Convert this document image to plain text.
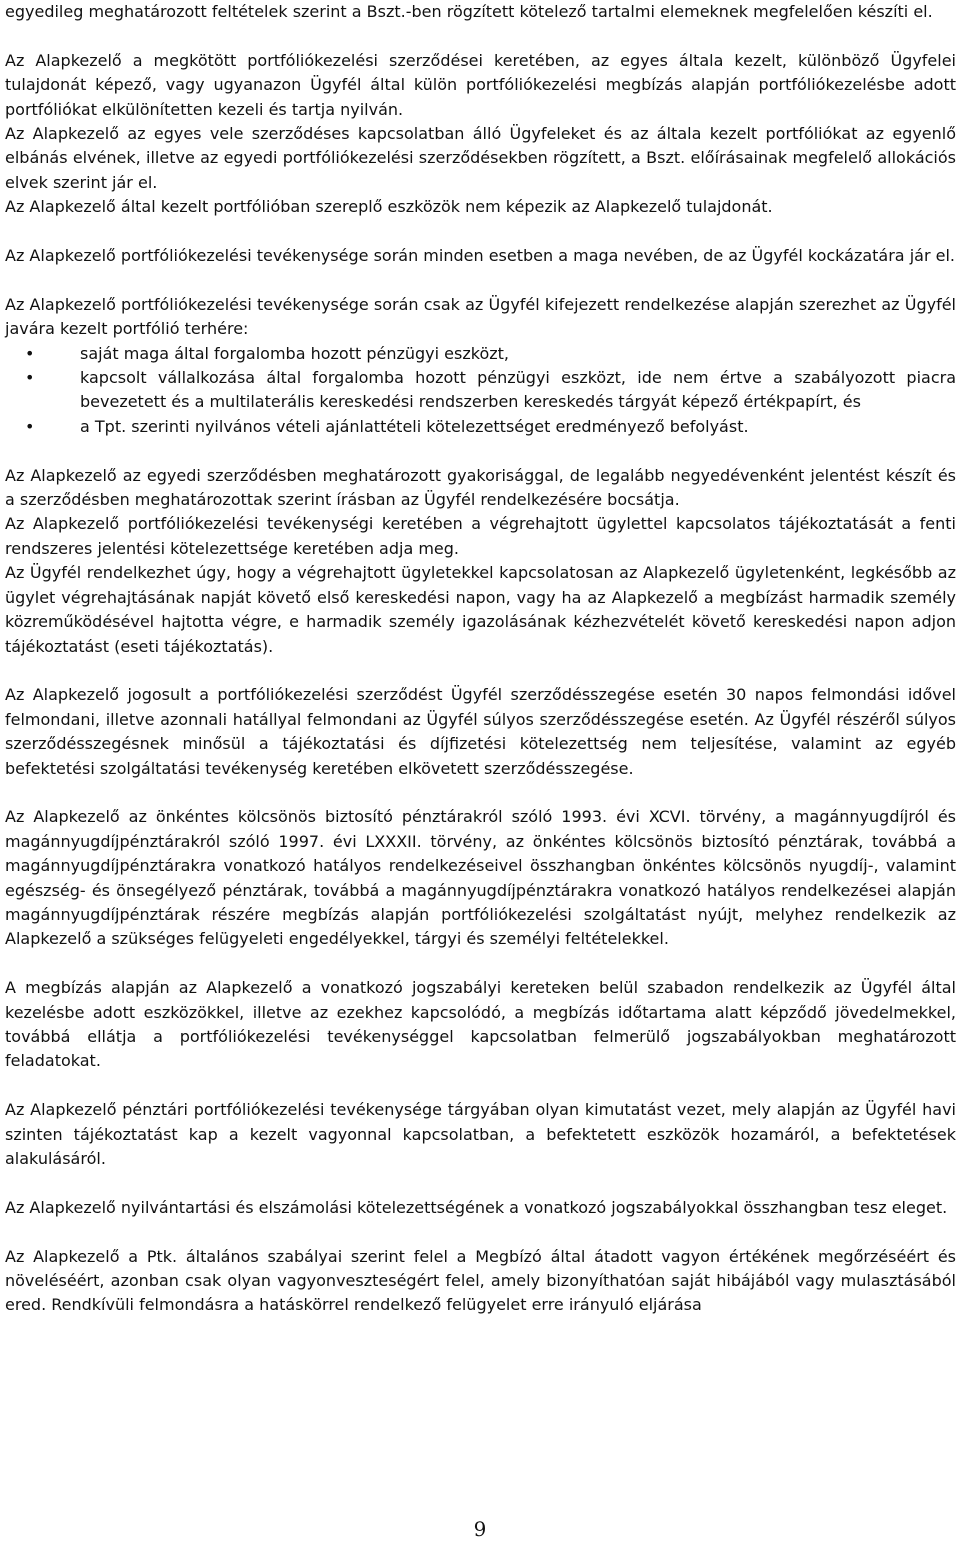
egyedileg meghatározott feltételek szerint a Bszt.-ben rögzített kötelező tartalmi elemeknek megfelelően készíti el.

Az Alapkezelő a megkötött portfóliókezelési szerződései keretében, az egyes általa kezelt, különböző Ügyfelei tulajdonát képező, vagy ugyanazon Ügyfél által külön portfóliókezelési megbízás alapján portfóliókezelésbe adott portfóliókat elkülönítetten kezeli és tartja nyilván.

Az Alapkezelő az egyes vele szerződéses kapcsolatban álló Ügyfeleket és az általa kezelt portfóliókat az egyenlő elbánás elvének, illetve az egyedi portfóliókezelési szerződésekben rögzített, a Bszt. előírásainak megfelelő allokációs elvek szerint jár el.

Az Alapkezelő által kezelt portfólióban szereplő eszközök nem képezik az Alapkezelő tulajdonát.

Az Alapkezelő portfóliókezelési tevékenysége során minden esetben a maga nevében, de az Ügyfél kockázatára jár el.

Az Alapkezelő portfóliókezelési tevékenysége során csak az Ügyfél kifejezett rendelkezése alapján szerezhet az Ügyfél javára kezelt portfólió terhére:

•	saját maga által forgalomba hozott pénzügyi eszközt,
•	kapcsolt vállalkozása által forgalomba hozott pénzügyi eszközt, ide nem értve a szabályozott piacra bevezetett és a multilaterális kereskedési rendszerben kereskedés tárgyát képező értékpapírt, és
•	a Tpt. szerinti nyilvános vételi ajánlattételi kötelezettséget eredményező befolyást.

Az Alapkezelő az egyedi szerződésben meghatározott gyakorisággal, de legalább negyedévenként jelentést készít és a szerződésben meghatározottak szerint írásban az Ügyfél rendelkezésére bocsátja.

Az Alapkezelő portfóliókezelési tevékenységi keretében a végrehajtott ügylettel kapcsolatos tájékoztatását a fenti rendszeres jelentési kötelezettsége keretében adja meg.

Az Ügyfél rendelkezhet úgy, hogy a végrehajtott ügyletekkel kapcsolatosan az Alapkezelő ügyletenként, legkésőbb az ügylet végrehajtásának napját követő első kereskedési napon, vagy ha az Alapkezelő a megbízást harmadik személy közreműködésével hajtotta végre, e harmadik személy igazolásának kézhezvételét követő kereskedési napon adjon tájékoztatást (eseti tájékoztatás).

Az Alapkezelő jogosult a portfóliókezelési szerződést Ügyfél szerződésszegése esetén 30 napos felmondási idővel felmondani, illetve azonnali hatállyal felmondani az Ügyfél súlyos szerződésszegése esetén. Az Ügyfél részéről súlyos szerződésszegésnek minősül a tájékoztatási és díjfizetési kötelezettség nem teljesítése, valamint az egyéb befektetési szolgáltatási tevékenység keretében elkövetett szerződésszegése.

Az Alapkezelő az önkéntes kölcsönös biztosító pénztárakról szóló 1993. évi XCVI. törvény, a magánnyugdíjról és magánnyugdíjpénztárakról szóló 1997. évi LXXXII. törvény, az önkéntes kölcsönös biztosító pénztárak, továbbá a magánnyugdíjpénztárakra vonatkozó hatályos rendelkezéseivel összhangban önkéntes kölcsönös nyugdíj-, valamint egészség- és önsegélyező pénztárak, továbbá a magánnyugdíjpénztárakra vonatkozó hatályos rendelkezései alapján magánnyugdíjpénztárak részére megbízás alapján portfóliókezelési szolgáltatást nyújt, melyhez rendelkezik az Alapkezelő a szükséges felügyeleti engedélyekkel, tárgyi és személyi feltételekkel.

A megbízás alapján az Alapkezelő a vonatkozó jogszabályi kereteken belül szabadon rendelkezik az Ügyfél által kezelésbe adott eszközökkel, illetve az ezekhez kapcsolódó, a megbízás időtartama alatt képződő jövedelmekkel, továbbá ellátja a portfóliókezelési tevékenységgel kapcsolatban felmerülő jogszabályokban meghatározott feladatokat.

Az Alapkezelő pénztári portfóliókezelési tevékenysége tárgyában olyan kimutatást vezet, mely alapján az Ügyfél havi szinten tájékoztatást kap a kezelt vagyonnal kapcsolatban, a befektetett eszközök hozamáról, a befektetések alakulásáról.

Az Alapkezelő nyilvántartási és elszámolási kötelezettségének a vonatkozó jogszabályokkal összhangban tesz eleget.

Az Alapkezelő a Ptk. általános szabályai szerint felel a Megbízó által átadott vagyon értékének megőrzéséért és növeléséért, azonban csak olyan vagyonveszteségért felel, amely bizonyíthatóan saját hibájából vagy mulasztásából ered. Rendkívüli felmondásra a hatáskörrel rendelkező felügyelet erre irányuló eljárása

9
